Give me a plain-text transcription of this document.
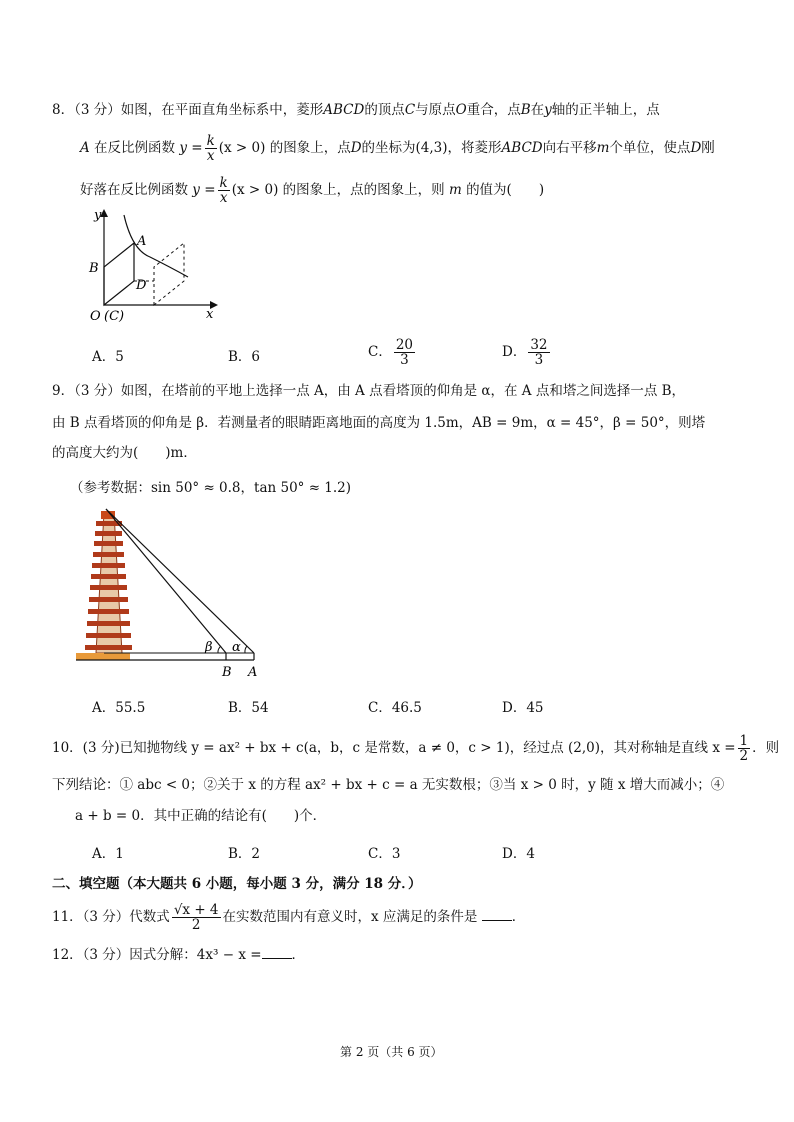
8．（3 分）如图，在平面直角坐标系中，菱形ABCD的顶点C与原点O重合，点B在y轴的正半轴上，点
A 在反比例函数 $y = \frac{k}{x} (x > 0)$ 的图象上，点D的坐标为(4,3)，将菱形ABCD向右平移m个单位，使点D刚
好落在反比例函数 $y = \frac{k}{x} (x > 0)$ 的图象上，点的图象上，则 m 的值为(　　)
y
x
A
B
D
O (C)
A．5	B．6	C． $\frac{20}{3}$	D． $\frac{32}{3}$
9．（3 分）如图，在塔前的平地上选择一点 A，由 A 点看塔顶的仰角是 α，在 A 点和塔之间选择一点 B，
由 B 点看塔顶的仰角是 β．若测量者的眼睛距离地面的高度为 1.5m，AB = 9m，α = 45°，β = 50°，则塔
的高度大约为(　　)m．
（参考数据：sin 50° ≈ 0.8，tan 50° ≈ 1.2)
β α
B A
A．55.5	B．54	C．46.5	D．45
10．(3 分)已知抛物线 y = ax² + bx + c(a，b，c 是常数，a ≠ 0，c > 1)，经过点 (2,0)，其对称轴是直线 $x = \frac{1}{2}$ ．则
下列结论：① abc < 0；②关于 x 的方程 ax² + bx + c = a 无实数根；③当 x > 0 时，y 随 x 增大而减小；④
a + b = 0．其中正确的结论有(　　)个．
A．1	B．2	C．3	D．4
二、填空题（本大题共 6 小题，每小题 3 分，满分 18 分．）
11．（3 分）代数式 $\frac{√x + 4}{2}$ 在实数范围内有意义时，x 应满足的条件是	．
12．（3 分）因式分解：4x³ − x = ．
第 2 页（共 6 页）
